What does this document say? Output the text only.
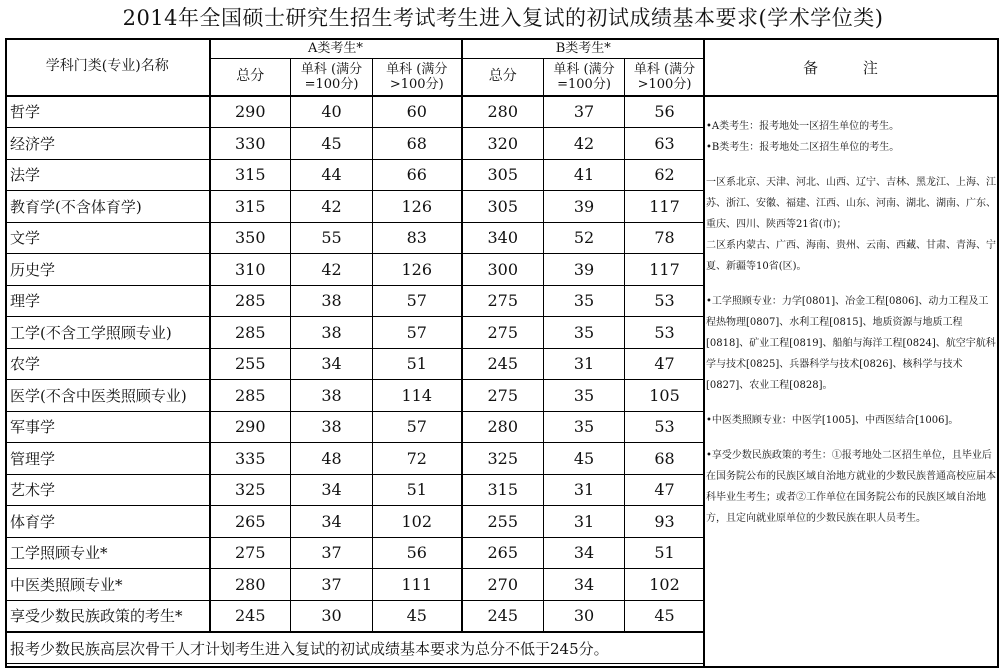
2014年全国硕士研究生招生考试考生进入复试的初试成绩基本要求(学术学位类)
学科门类(专业)名称	A类考生*			B类考生*		
	总分	单科 (满分=100分)	单科 (满分>100分)	总分	单科 (满分=100分)	单科 (满分>100分)
哲学	290	40	60	280	37	56
经济学	330	45	68	320	42	63
法学	315	44	66	305	41	62
教育学(不含体育学)	315	42	126	305	39	117
文学	350	55	83	340	52	78
历史学	310	42	126	300	39	117
理学	285	38	57	275	35	53
工学(不含工学照顾专业)	285	38	57	275	35	53
农学	255	34	51	245	31	47
医学(不含中医类照顾专业)	285	38	114	275	35	105
军事学	290	38	57	280	35	53
管理学	335	48	72	325	45	68
艺术学	325	34	51	315	31	47
体育学	265	34	102	255	31	93
工学照顾专业*	275	37	56	265	34	51
中医类照顾专业*	280	37	111	270	34	102
享受少数民族政策的考生*	245	30	45	245	30	45
报考少数民族高层次骨干人才计划考生进入复试的初试成绩基本要求为总分不低于245分。						
备 注

•A类考生：报考地处一区招生单位的考生。

•B类考生：报考地处二区招生单位的考生。

一区系北京、天津、河北、山西、辽宁、吉林、黑龙江、上海、江苏、浙江、安徽、福建、江西、山东、河南、湖北、湖南、广东、重庆、四川、陕西等21省(市)；

二区系内蒙古、广西、海南、贵州、云南、西藏、甘肃、青海、宁夏、新疆等10省(区)。

•工学照顾专业：力学[0801]、冶金工程[0806]、动力工程及工程热物理[0807]、水利工程[0815]、地质资源与地质工程[0818]、矿业工程[0819]、船舶与海洋工程[0824]、航空宇航科学与技术[0825]、兵器科学与技术[0826]、核科学与技术[0827]、农业工程[0828]。

•中医类照顾专业：中医学[1005]、中西医结合[1006]。

•享受少数民族政策的考生：①报考地处二区招生单位，且毕业后在国务院公布的民族区域自治地方就业的少数民族普通高校应届本科毕业生考生；或者②工作单位在国务院公布的民族区域自治地方，且定向就业原单位的少数民族在职人员考生。
